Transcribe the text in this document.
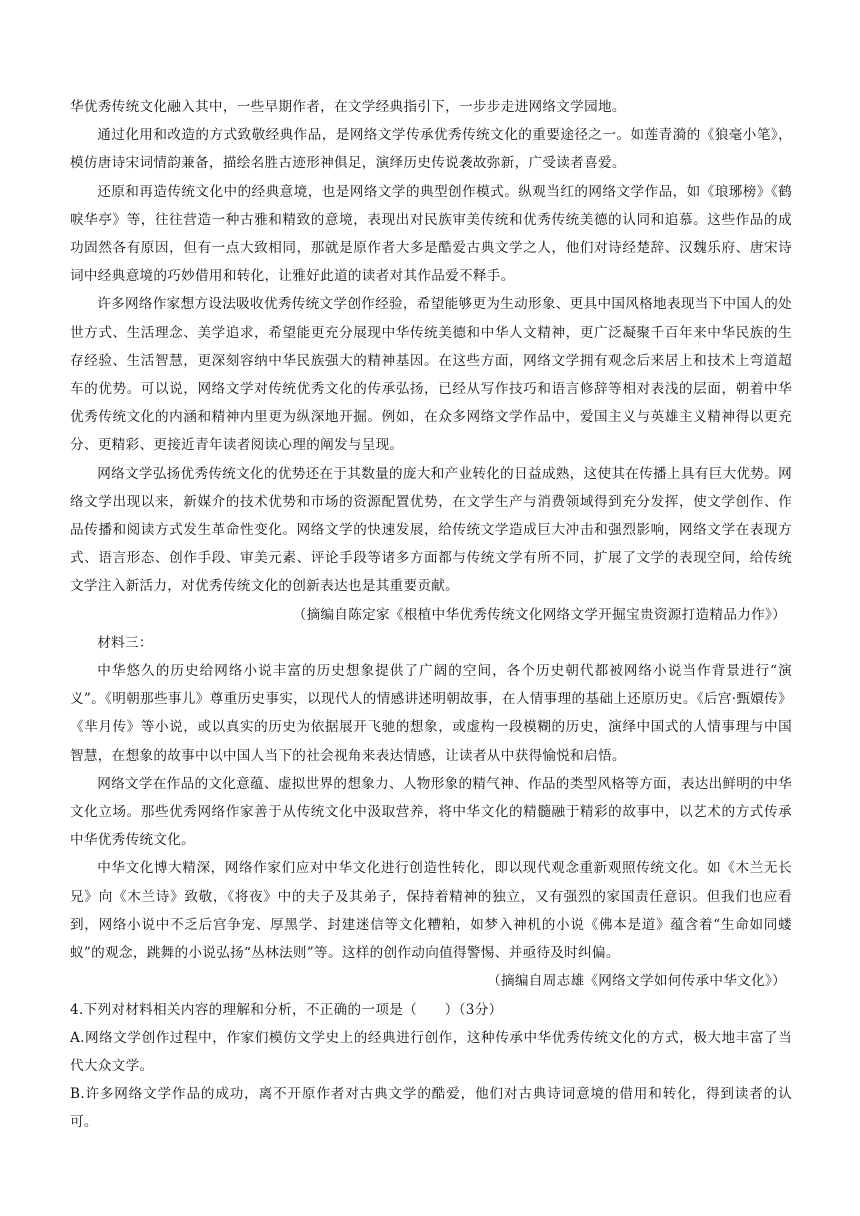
华优秀传统文化融入其中，一些早期作者，在文学经典指引下，一步步走进网络文学园地。

通过化用和改造的方式致敬经典作品，是网络文学传承优秀传统文化的重要途径之一。如莲青漪的《狼毫小笔》，模仿唐诗宋词情韵兼备，描绘名胜古迹形神俱足，演绎历史传说袭故弥新，广受读者喜爱。

还原和再造传统文化中的经典意境，也是网络文学的典型创作模式。纵观当红的网络文学作品，如《琅琊榜》《鹤唳华亭》等，往往营造一种古雅和精致的意境，表现出对民族审美传统和优秀传统美德的认同和追慕。这些作品的成功固然各有原因，但有一点大致相同，那就是原作者大多是酷爱古典文学之人，他们对诗经楚辞、汉魏乐府、唐宋诗词中经典意境的巧妙借用和转化，让雅好此道的读者对其作品爱不释手。

许多网络作家想方设法吸收优秀传统文学创作经验，希望能够更为生动形象、更具中国风格地表现当下中国人的处世方式、生活理念、美学追求，希望能更充分展现中华传统美德和中华人文精神，更广泛凝聚千百年来中华民族的生存经验、生活智慧，更深刻容纳中华民族强大的精神基因。在这些方面，网络文学拥有观念后来居上和技术上弯道超车的优势。可以说，网络文学对传统优秀文化的传承弘扬，已经从写作技巧和语言修辞等相对表浅的层面，朝着中华优秀传统文化的内涵和精神内里更为纵深地开掘。例如，在众多网络文学作品中，爱国主义与英雄主义精神得以更充分、更精彩、更接近青年读者阅读心理的阐发与呈现。

网络文学弘扬优秀传统文化的优势还在于其数量的庞大和产业转化的日益成熟，这使其在传播上具有巨大优势。网络文学出现以来，新媒介的技术优势和市场的资源配置优势，在文学生产与消费领域得到充分发挥，使文学创作、作品传播和阅读方式发生革命性变化。网络文学的快速发展，给传统文学造成巨大冲击和强烈影响，网络文学在表现方式、语言形态、创作手段、审美元素、评论手段等诸多方面都与传统文学有所不同，扩展了文学的表现空间，给传统文学注入新活力，对优秀传统文化的创新表达也是其重要贡献。

（摘编自陈定家《根植中华优秀传统文化网络文学开掘宝贵资源打造精品力作》）

材料三：

中华悠久的历史给网络小说丰富的历史想象提供了广阔的空间，各个历史朝代都被网络小说当作背景进行“演义”。《明朝那些事儿》尊重历史事实，以现代人的情感讲述明朝故事，在人情事理的基础上还原历史。《后宫·甄嬛传》《芈月传》等小说，或以真实的历史为依据展开飞驰的想象，或虚构一段模糊的历史，演绎中国式的人情事理与中国智慧，在想象的故事中以中国人当下的社会视角来表达情感，让读者从中获得愉悦和启悟。

网络文学在作品的文化意蕴、虚拟世界的想象力、人物形象的精气神、作品的类型风格等方面，表达出鲜明的中华文化立场。那些优秀网络作家善于从传统文化中汲取营养，将中华文化的精髓融于精彩的故事中，以艺术的方式传承中华优秀传统文化。

中华文化博大精深，网络作家们应对中华文化进行创造性转化，即以现代观念重新观照传统文化。如《木兰无长兄》向《木兰诗》致敬，《将夜》中的夫子及其弟子，保持着精神的独立，又有强烈的家国责任意识。但我们也应看到，网络小说中不乏后宫争宠、厚黑学、封建迷信等文化糟粕，如梦入神机的小说《佛本是道》蕴含着“生命如同蝼蚁”的观念，跳舞的小说弘扬“丛林法则”等。这样的创作动向值得警惕、并亟待及时纠偏。

（摘编自周志雄《网络文学如何传承中华文化》）

4.下列对材料相关内容的理解和分析，不正确的一项是（　　）（3分）

A.网络文学创作过程中，作家们模仿文学史上的经典进行创作，这种传承中华优秀传统文化的方式，极大地丰富了当代大众文学。

B.许多网络文学作品的成功，离不开原作者对古典文学的酷爱，他们对古典诗词意境的借用和转化，得到读者的认可。
